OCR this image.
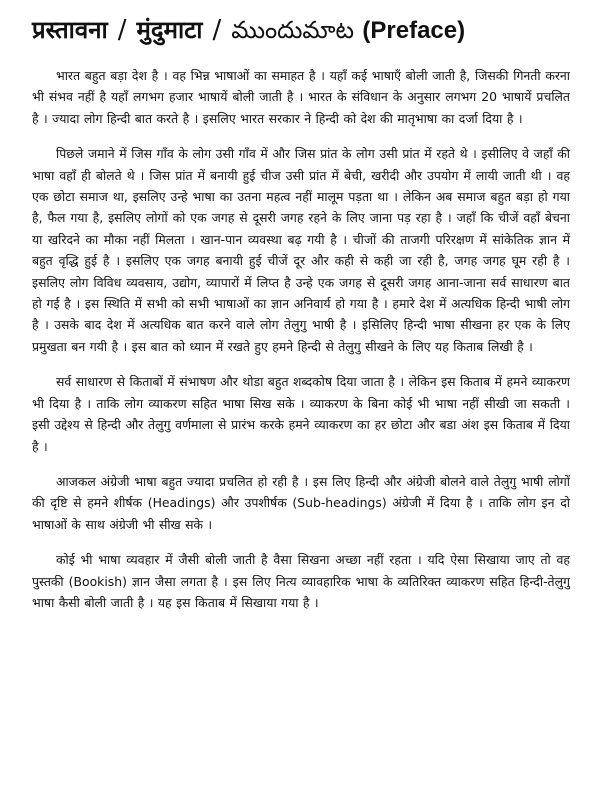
प्रस्तावना / मुंदुमाटा / ముందుమాట (Preface)

भारत बहुत बड़ा देश है । वह भिन्न भाषाओं का समाहत है । यहाँ कई भाषाएँ बोली जाती है, जिसकी गिनती करना भी संभव नहीं है यहाँ लगभग हजार भाषायें बोली जाती है । भारत के संविधान के अनुसार लगभग 20 भाषायें प्रचलित है । ज्यादा लोग हिन्दी बात करते है । इसलिए भारत सरकार ने हिन्दी को देश की मातृभाषा का दर्जा दिया है ।

पिछले जमाने में जिस गाँव के लोग उसी गाँव में और जिस प्रांत के लोग उसी प्रांत में रहते थे । इसीलिए वे जहाँ की भाषा वहाँ ही बोलते थे । जिस प्रांत में बनायी हुई चीज उसी प्रांत में बेची, खरीदी और उपयोग में लायी जाती थी । वह एक छोटा समाज था, इसलिए उन्हे भाषा का उतना महत्व नहीं मालूम पड़ता था । लेकिन अब समाज बहुत बड़ा हो गया है, फैल गया है, इसलिए लोगों को एक जगह से दूसरी जगह रहने के लिए जाना पड़ रहा है । जहाँ कि चीजें वहाँ बेचना या खरिदने का मौका नहीं मिलता । खान-पान व्यवस्था बढ़ गयी है । चीजों की ताजगी परिरक्षण में सांकेतिक ज्ञान में बहुत वृद्धि हुई है । इसलिए एक जगह बनायी हुई चीजें दूर और कही से कही जा रही है, जगह जगह घूम रही है । इसलिए लोग विविध व्यवसाय, उद्योग, व्यापारों में लिप्त है उन्हे एक जगह से दूसरी जगह आना-जाना सर्व साधारण बात हो गई है । इस स्थिति में सभी को सभी भाषाओं का ज्ञान अनिवार्य हो गया है । हमारे देश में अत्यधिक हिन्दी भाषी लोग है । उसके बाद देश में अत्यधिक बात करने वाले लोग तेलुगु भाषी है । इसिलिए हिन्दी भाषा सीखना हर एक के लिए प्रमुखता बन गयी है । इस बात को ध्यान में रखते हुए हमने हिन्दी से तेलुगु सीखने के लिए यह किताब लिखी है ।

सर्व साधारण से किताबों में संभाषण और थोडा बहुत शब्दकोष दिया जाता है । लेकिन इस किताब में हमने व्याकरण भी दिया है । ताकि लोग व्याकरण सहित भाषा सिख सके । व्याकरण के बिना कोई भी भाषा नहीं सीखी जा सकती । इसी उद्देश्य से हिन्दी और तेलुगु वर्णमाला से प्रारंभ करके हमने व्याकरण का हर छोटा और बडा अंश इस किताब में दिया है ।

आजकल अंग्रेजी भाषा बहुत ज्यादा प्रचलित हो रही है । इस लिए हिन्दी और अंग्रेजी बोलने वाले तेलुगु भाषी लोगों की दृष्टि से हमने शीर्षक (Headings) और उपशीर्षक (Sub-headings) अंग्रेजी में दिया है । ताकि लोग इन दो भाषाओं के साथ अंग्रेजी भी सीख सके ।

कोई भी भाषा व्यवहार में जैसी बोली जाती है वैसा सिखना अच्छा नहीं रहता । यदि ऐसा सिखाया जाए तो वह पुस्तकी (Bookish) ज्ञान जैसा लगता है । इस लिए नित्य व्यावहारिक भाषा के व्यतिरिक्त व्याकरण सहित हिन्दी-तेलुगु भाषा कैसी बोली जाती है । यह इस किताब में सिखाया गया है ।
